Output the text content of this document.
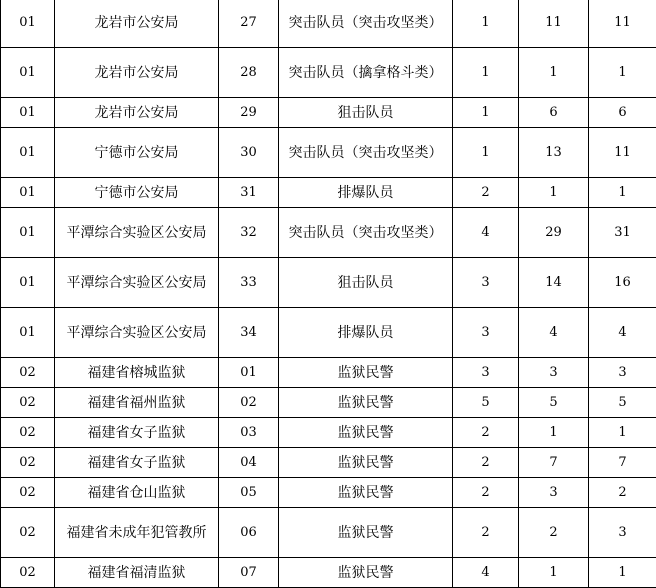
01	龙岩市公安局	27	突击队员（突击攻坚类）	1	11	11
01	龙岩市公安局	28	突击队员（擒拿格斗类）	1	1	1
01	龙岩市公安局	29	狙击队员	1	6	6
01	宁德市公安局	30	突击队员（突击攻坚类）	1	13	11
01	宁德市公安局	31	排爆队员	2	1	1
01	平潭综合实验区公安局	32	突击队员（突击攻坚类）	4	29	31
01	平潭综合实验区公安局	33	狙击队员	3	14	16
01	平潭综合实验区公安局	34	排爆队员	3	4	4
02	福建省榕城监狱	01	监狱民警	3	3	3
02	福建省福州监狱	02	监狱民警	5	5	5
02	福建省女子监狱	03	监狱民警	2	1	1
02	福建省女子监狱	04	监狱民警	2	7	7
02	福建省仓山监狱	05	监狱民警	2	3	2
02	福建省未成年犯管教所	06	监狱民警	2	2	3
02	福建省福清监狱	07	监狱民警	4	1	1
